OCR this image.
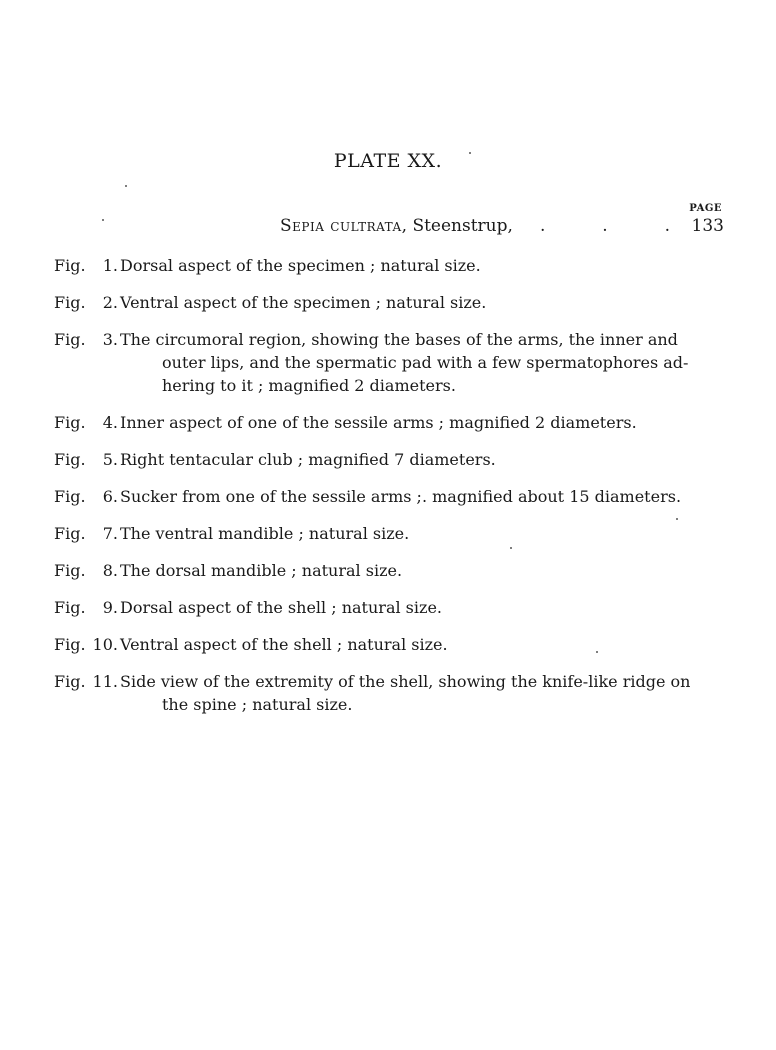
PLATE XX.
PAGE
Sepia cultrata, Steenstrup, .	.	. 133
Fig.	1. Dorsal aspect of the specimen ; natural size.
Fig.	2. Ventral aspect of the specimen ; natural size.
Fig.	3. The circumoral region, showing the bases of the arms, the inner and
outer lips, and the spermatic pad with a few spermatophores ad-
hering to it ; magnified 2 diameters.
Fig.	4. Inner aspect of one of the sessile arms ; magnified 2 diameters.
Fig.	5. Right tentacular club ; magnified 7 diameters.
Fig.	6. Sucker from one of the sessile arms ;. magnified about 15 diameters.
Fig.	7. The ventral mandible ; natural size.
Fig.	8. The dorsal mandible ; natural size.
Fig.	9. Dorsal aspect of the shell ; natural size.
Fig. 10. Ventral aspect of the shell ; natural size.
Fig. 11. Side view of the extremity of the shell, showing the knife-like ridge on
the spine ; natural size.
